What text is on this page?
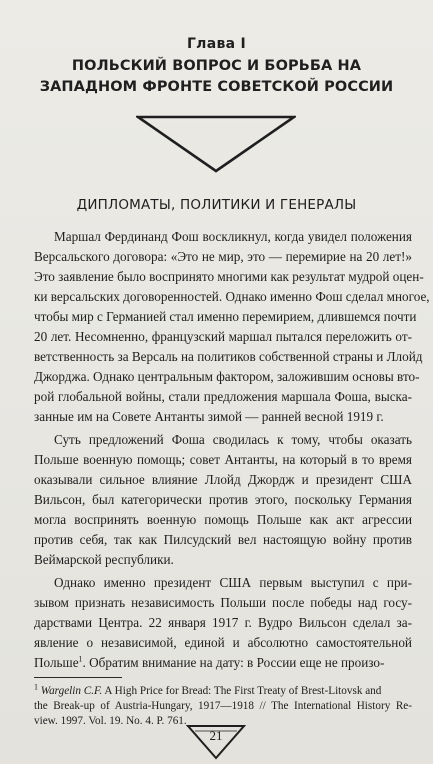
Глава I
ПОЛЬСКИЙ ВОПРОС И БОРЬБА НА
ЗАПАДНОМ ФРОНТЕ СОВЕТСКОЙ РОССИИ
ДИПЛОМАТЫ, ПОЛИТИКИ И ГЕНЕРАЛЫ
Маршал Фердинанд Фош воскликнул, когда увидел положения
Версальского договора: «Это не мир, это — перемирие на 20 лет!»
Это заявление было воспринято многими как результат мудрой оцен-
ки версальских договоренностей. Однако именно Фош сделал многое,
чтобы мир с Германией стал именно перемирием, длившемся почти
20 лет. Несомненно, французский маршал пытался переложить от-
ветственность за Версаль на политиков собственной страны и Ллойд
Джорджа. Однако центральным фактором, заложившим основы вто-
рой глобальной войны, стали предложения маршала Фоша, выска-
занные им на Совете Антанты зимой — ранней весной 1919 г.
Суть предложений Фоша сводилась к тому, чтобы оказать
Польше военную помощь; совет Антанты, на который в то время
оказывали сильное влияние Ллойд Джордж и президент США
Вильсон, был категорически против этого, поскольку Германия
могла воспринять военную помощь Польше как акт агрессии
против себя, так как Пилсудский вел настоящую войну против
Веймарской республики.
Однако именно президент США первым выступил с при-
зывом признать независимость Польши после победы над госу-
дарствами Центра. 22 января 1917 г. Вудро Вильсон сделал за-
явление о независимой, единой и абсолютно самостоятельной
Польше$^1$. Обратим внимание на дату: в России еще не произо-
$^1$ Wargelin C.F. A High Price for Bread: The First Treaty of Brest-Litovsk and
the Break-up of Austria-Hungary, 1917—1918 // The International History Re-
view. 1997. Vol. 19. No. 4. P. 761.
21
